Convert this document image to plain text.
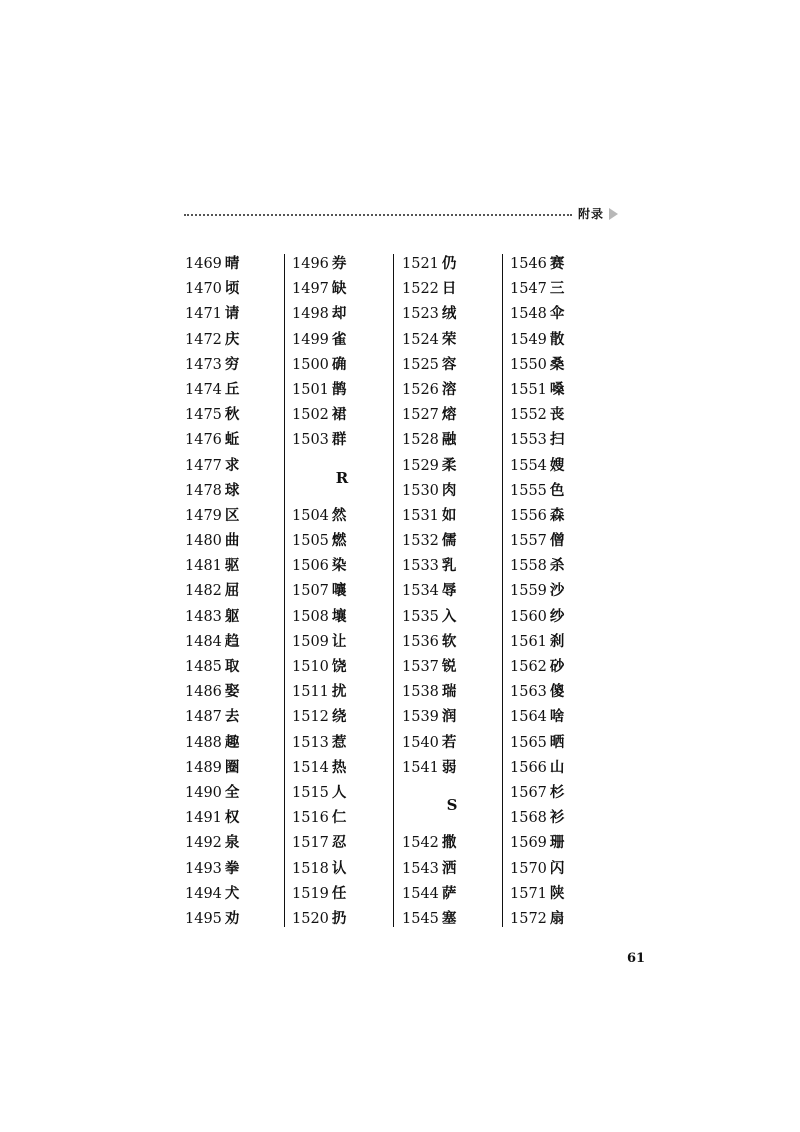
附录
1469 晴
1470 顷
1471 请
1472 庆
1473 穷
1474 丘
1475 秋
1476 蚯
1477 求
1478 球
1479 区
1480 曲
1481 驱
1482 屈
1483 躯
1484 趋
1485 取
1486 娶
1487 去
1488 趣
1489 圈
1490 全
1491 权
1492 泉
1493 拳
1494 犬
1495 劝
1496 券
1497 缺
1498 却
1499 雀
1500 确
1501 鹊
1502 裙
1503 群
R
1504 然
1505 燃
1506 染
1507 嚷
1508 壤
1509 让
1510 饶
1511 扰
1512 绕
1513 惹
1514 热
1515 人
1516 仁
1517 忍
1518 认
1519 任
1520 扔
1521 仍
1522 日
1523 绒
1524 荣
1525 容
1526 溶
1527 熔
1528 融
1529 柔
1530 肉
1531 如
1532 儒
1533 乳
1534 辱
1535 入
1536 软
1537 锐
1538 瑞
1539 润
1540 若
1541 弱
S
1542 撒
1543 洒
1544 萨
1545 塞
1546 赛
1547 三
1548 伞
1549 散
1550 桑
1551 嗓
1552 丧
1553 扫
1554 嫂
1555 色
1556 森
1557 僧
1558 杀
1559 沙
1560 纱
1561 刹
1562 砂
1563 傻
1564 啥
1565 晒
1566 山
1567 杉
1568 衫
1569 珊
1570 闪
1571 陕
1572 扇
61
